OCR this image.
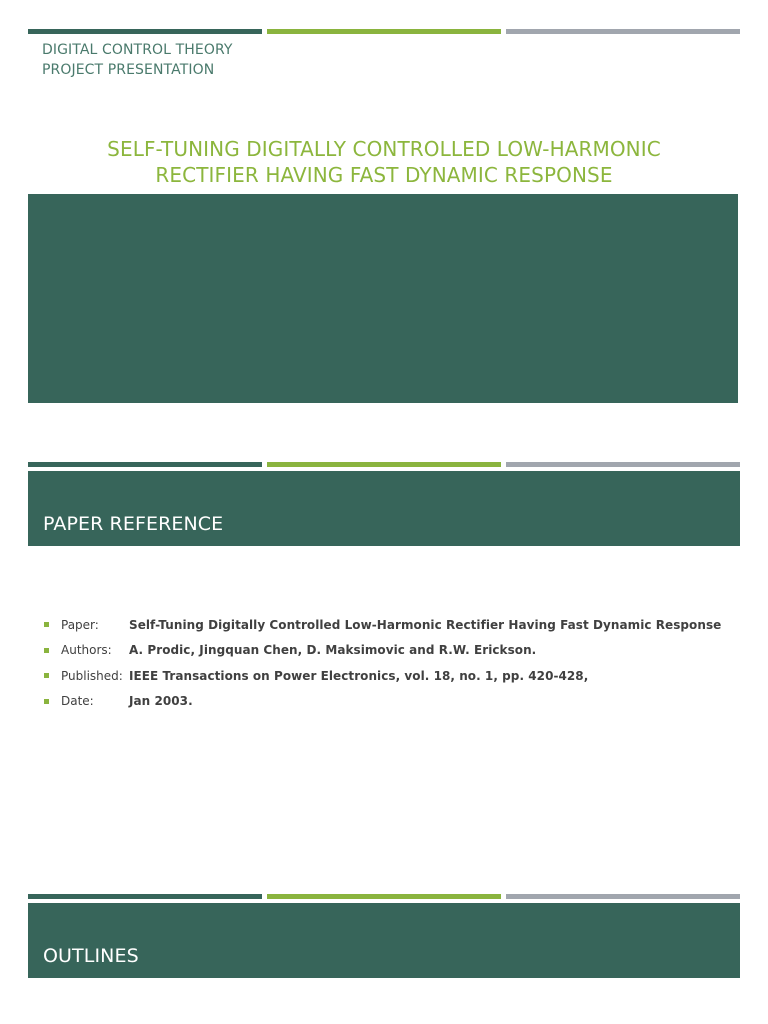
DIGITAL CONTROL THEORY
PROJECT PRESENTATION
SELF-TUNING DIGITALLY CONTROLLED LOW-HARMONIC
RECTIFIER HAVING FAST DYNAMIC RESPONSE
PAPER REFERENCE
Paper:	Self-Tuning Digitally Controlled Low-Harmonic Rectifier Having Fast Dynamic Response
Authors:	A. Prodic, Jingquan Chen, D. Maksimovic and R.W. Erickson.
Published: IEEE Transactions on Power Electronics, vol. 18, no. 1, pp. 420-428,
Date:	Jan 2003.
OUTLINES
